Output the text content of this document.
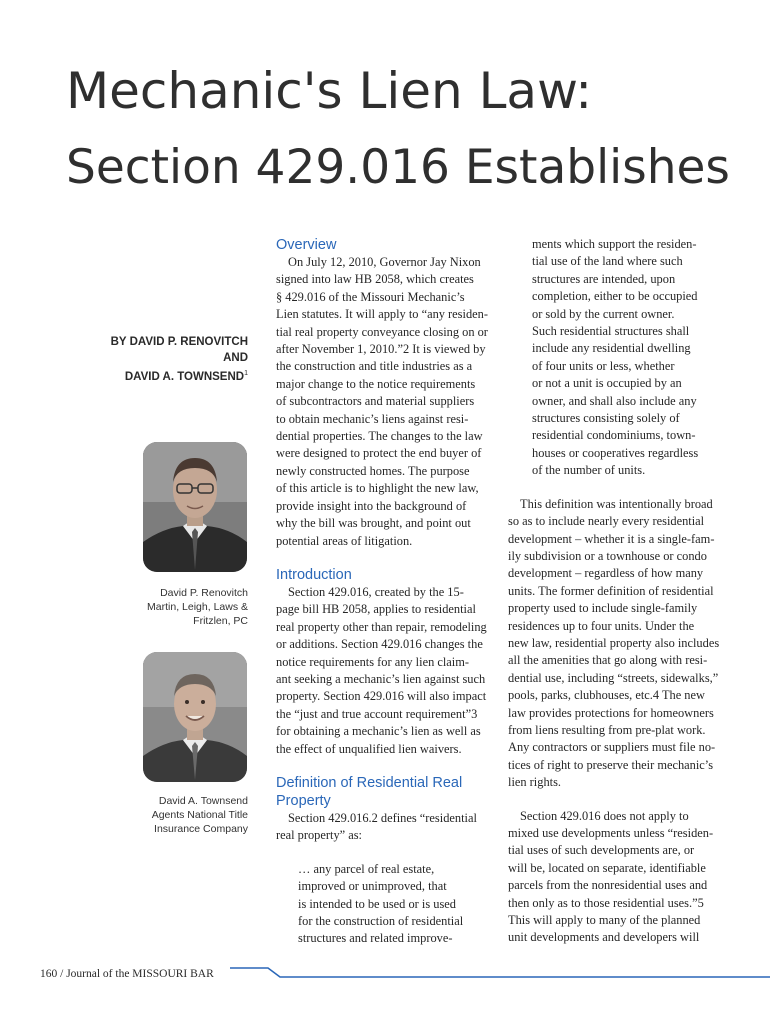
Mechanic's Lien Law:
Section 429.016 Establishes
BY DAVID P. RENOVITCH
AND
DAVID A. TOWNSEND$^1$
David P. Renovitch
Martin, Leigh, Laws &
Fritzlen, PC
David A. Townsend
Agents National Title
Insurance Company
Overview

On July 12, 2010, Governor Jay Nixon

signed into law HB 2058, which creates

§ 429.016 of the Missouri Mechanic’s

Lien statutes. It will apply to “any residen-

tial real property conveyance closing on or

after November 1, 2010.”2 It is viewed by

the construction and title industries as a

major change to the notice requirements

of subcontractors and material suppliers

to obtain mechanic’s liens against resi-

dential properties. The changes to the law

were designed to protect the end buyer of

newly constructed homes. The purpose

of this article is to highlight the new law,

provide insight into the background of

why the bill was brought, and point out

potential areas of litigation.

Introduction

Section 429.016, created by the 15-

page bill HB 2058, applies to residential

real property other than repair, remodeling

or additions. Section 429.016 changes the

notice requirements for any lien claim-

ant seeking a mechanic’s lien against such

property. Section 429.016 will also impact

the “just and true account requirement”3

for obtaining a mechanic’s lien as well as

the effect of unqualified lien waivers.

Definition of Residential Real
Property

Section 429.016.2 defines “residential

real property” as:

… any parcel of real estate,

improved or unimproved, that

is intended to be used or is used

for the construction of residential

structures and related improve-

ments which support the residen-

tial use of the land where such

structures are intended, upon

completion, either to be occupied

or sold by the current owner.

Such residential structures shall

include any residential dwelling

of four units or less, whether

or not a unit is occupied by an

owner, and shall also include any

structures consisting solely of

residential condominiums, town-

houses or cooperatives regardless

of the number of units.

This definition was intentionally broad

so as to include nearly every residential

development – whether it is a single-fam-

ily subdivision or a townhouse or condo

development – regardless of how many

units. The former definition of residential

property used to include single-family

residences up to four units. Under the

new law, residential property also includes

all the amenities that go along with resi-

dential use, including “streets, sidewalks,”

pools, parks, clubhouses, etc.4 The new

law provides protections for homeowners

from liens resulting from pre-plat work.

Any contractors or suppliers must file no-

tices of right to preserve their mechanic’s

lien rights.

Section 429.016 does not apply to

mixed use developments unless “residen-

tial uses of such developments are, or

will be, located on separate, identifiable

parcels from the nonresidential uses and

then only as to those residential uses.”5

This will apply to many of the planned

unit developments and developers will

160 / Journal of the MISSOURI BAR
